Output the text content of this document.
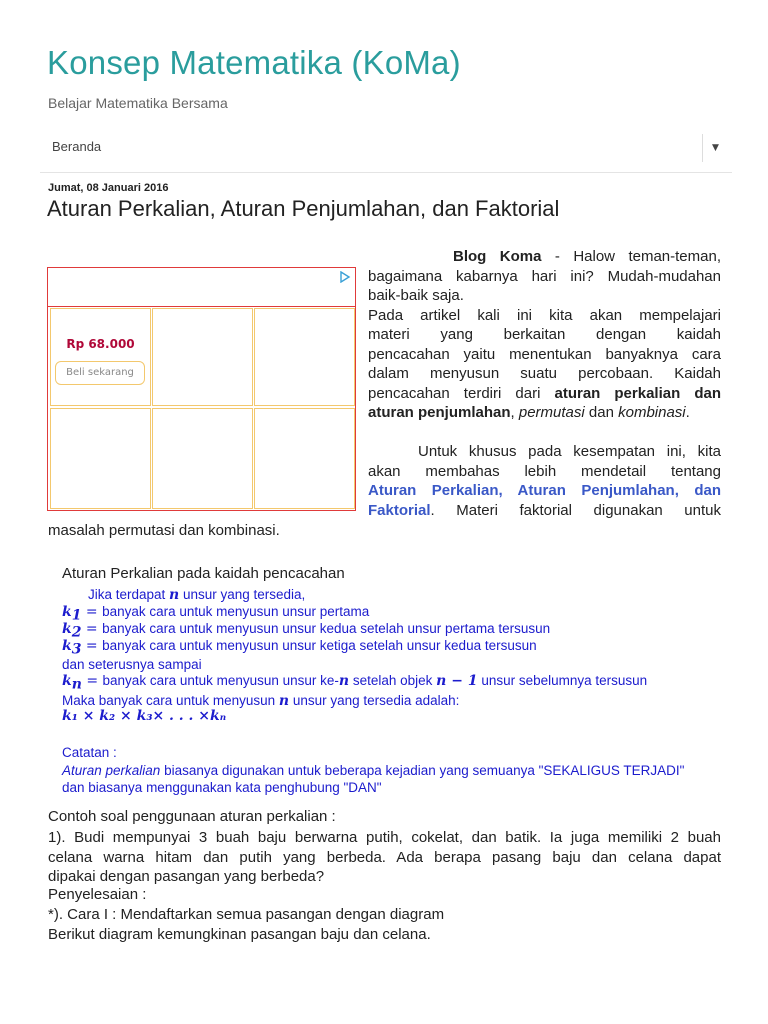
Konsep Matematika (KoMa)
Belajar Matematika Bersama
Beranda	▼
Jumat, 08 Januari 2016
Aturan Perkalian, Aturan Penjumlahan, dan Faktorial
Rp 68.000
Beli sekarang
Blog Koma - Halow teman-teman,
bagaimana kabarnya hari ini? Mudah-mudahan
baik-baik saja.
Pada artikel kali ini kita akan mempelajari
materi yang berkaitan dengan kaidah
pencacahan yaitu menentukan banyaknya cara
dalam menyusun suatu percobaan. Kaidah
pencacahan terdiri dari aturan perkalian dan
aturan penjumlahan, permutasi dan kombinasi.

Untuk khusus pada kesempatan ini, kita
akan membahas lebih mendetail tentang
Aturan Perkalian, Aturan Penjumlahan, dan
Faktorial. Materi faktorial digunakan untuk
masalah permutasi dan kombinasi.
Aturan Perkalian pada kaidah pencacahan
Jika terdapat n unsur yang tersedia,
$k_1$ = banyak cara untuk menyusun unsur pertama
$k_2$ = banyak cara untuk menyusun unsur kedua setelah unsur pertama tersusun
$k_3$ = banyak cara untuk menyusun unsur ketiga setelah unsur kedua tersusun
dan seterusnya sampai
$k_n$ = banyak cara untuk menyusun unsur ke-n setelah objek n − 1 unsur sebelumnya tersusun
Maka banyak cara untuk menyusun n unsur yang tersedia adalah:
k₁ × k₂ × k₃× . . . ×kₙ
Catatan :
Aturan perkalian biasanya digunakan untuk beberapa kejadian yang semuanya "SEKALIGUS TERJADI"
dan biasanya menggunakan kata penghubung "DAN"
Contoh soal penggunaan aturan perkalian :
1). Budi mempunyai 3 buah baju berwarna putih, cokelat, dan batik. Ia juga memiliki 2 buah
celana warna hitam dan putih yang berbeda. Ada berapa pasang baju dan celana dapat
dipakai dengan pasangan yang berbeda?
Penyelesaian :
*). Cara I : Mendaftarkan semua pasangan dengan diagram
Berikut diagram kemungkinan pasangan baju dan celana.
